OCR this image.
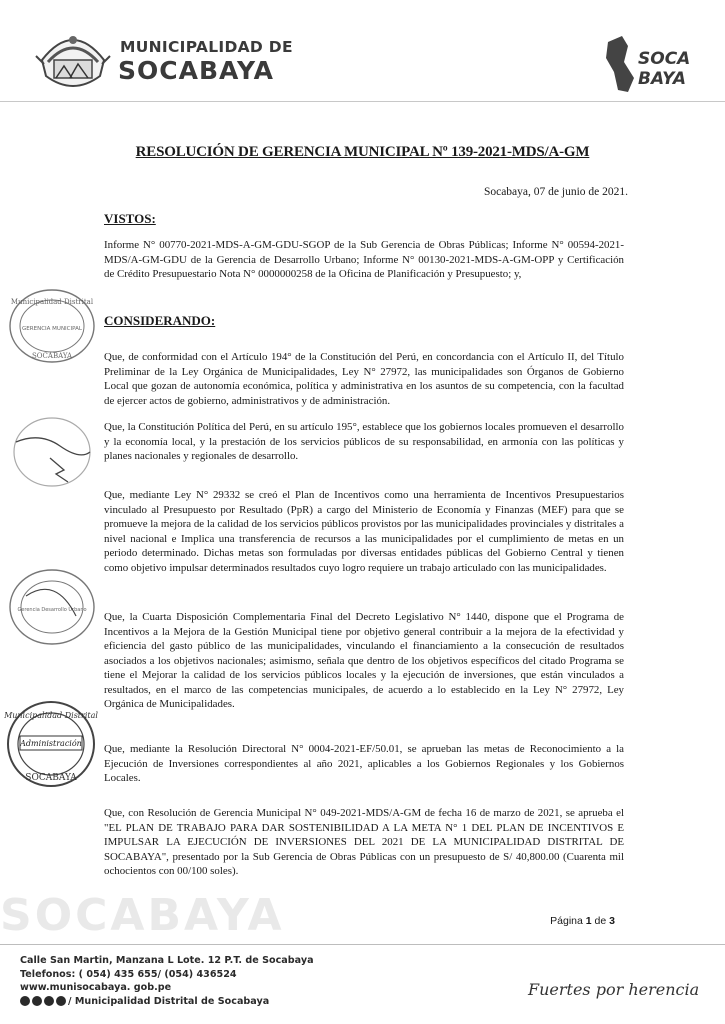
MUNICIPALIDAD DE
SOCABAYA	SOCA
BAYA
RESOLUCIÓN DE GERENCIA MUNICIPAL Nº 139-2021-MDS/A-GM
Socabaya, 07 de junio de 2021.
VISTOS:
Informe N° 00770-2021-MDS-A-GM-GDU-SGOP de la Sub Gerencia de Obras Públicas; Informe N° 00594-2021-MDS/A-GM-GDU de la Gerencia de Desarrollo Urbano; Informe N° 00130-2021-MDS-A-GM-OPP y Certificación de Crédito Presupuestario Nota N° 0000000258 de la Oficina de Planificación y Presupuesto; y,
CONSIDERANDO:
Que, de conformidad con el Artículo 194° de la Constitución del Perú, en concordancia con el Artículo II, del Título Preliminar de la Ley Orgánica de Municipalidades, Ley N° 27972, las municipalidades son Órganos de Gobierno Local que gozan de autonomía económica, política y administrativa en los asuntos de su competencia, con la facultad de ejercer actos de gobierno, administrativos y de administración.
Que, la Constitución Política del Perú, en su artículo 195°, establece que los gobiernos locales promueven el desarrollo y la economía local, y la prestación de los servicios públicos de su responsabilidad, en armonía con las políticas y planes nacionales y regionales de desarrollo.
Que, mediante Ley N° 29332 se creó el Plan de Incentivos como una herramienta de Incentivos Presupuestarios vinculado al Presupuesto por Resultado (PpR) a cargo del Ministerio de Economía y Finanzas (MEF) para que se promueve la mejora de la calidad de los servicios públicos provistos por las municipalidades provinciales y distritales a nivel nacional e Implica una transferencia de recursos a las municipalidades por el cumplimiento de metas en un periodo determinado. Dichas metas son formuladas por diversas entidades públicas del Gobierno Central y tienen como objetivo impulsar determinados resultados cuyo logro requiere un trabajo articulado con las municipalidades.
Que, la Cuarta Disposición Complementaria Final del Decreto Legislativo N° 1440, dispone que el Programa de Incentivos a la Mejora de la Gestión Municipal tiene por objetivo general contribuir a la mejora de la efectividad y eficiencia del gasto público de las municipalidades, vinculando el financiamiento a la consecución de resultados asociados a los objetivos nacionales; asimismo, señala que dentro de los objetivos específicos del citado Programa se tiene el Mejorar la calidad de los servicios públicos locales y la ejecución de inversiones, que están vinculados a resultados, en el marco de las competencias municipales, de acuerdo a lo establecido en la Ley N° 27972, Ley Orgánica de Municipalidades.
Que, mediante la Resolución Directoral N° 0004-2021-EF/50.01, se aprueban las metas de Reconocimiento a la Ejecución de Inversiones correspondientes al año 2021, aplicables a los Gobiernos Regionales y los Gobiernos Locales.
Que, con Resolución de Gerencia Municipal N° 049-2021-MDS/A-GM de fecha 16 de marzo de 2021, se aprueba el "EL PLAN DE TRABAJO PARA DAR SOSTENIBILIDAD A LA META N° 1 DEL PLAN DE INCENTIVOS E IMPULSAR LA EJECUCIÓN DE INVERSIONES DEL 2021 DE LA MUNICIPALIDAD DISTRITAL DE SOCABAYA", presentado por la Sub Gerencia de Obras Públicas con un presupuesto de S/ 40,800.00 (Cuarenta mil ochocientos con 00/100 soles).
Municipalidad Distrital
GERENCIA MUNICIPAL
SOCABAYA
Gerencia Desarrollo Urbano
Municipalidad Distrital
Administración
SOCABAYA
SOCABAYA	Página 1 de 3
Calle San Martin, Manzana L Lote. 12 P.T. de Socabaya
Telefonos: ( 054) 435 655/ (054) 436524
www.munisocabaya. gob.pe
/ Municipalidad Distrital de Socabaya
Fuertes por herencia
